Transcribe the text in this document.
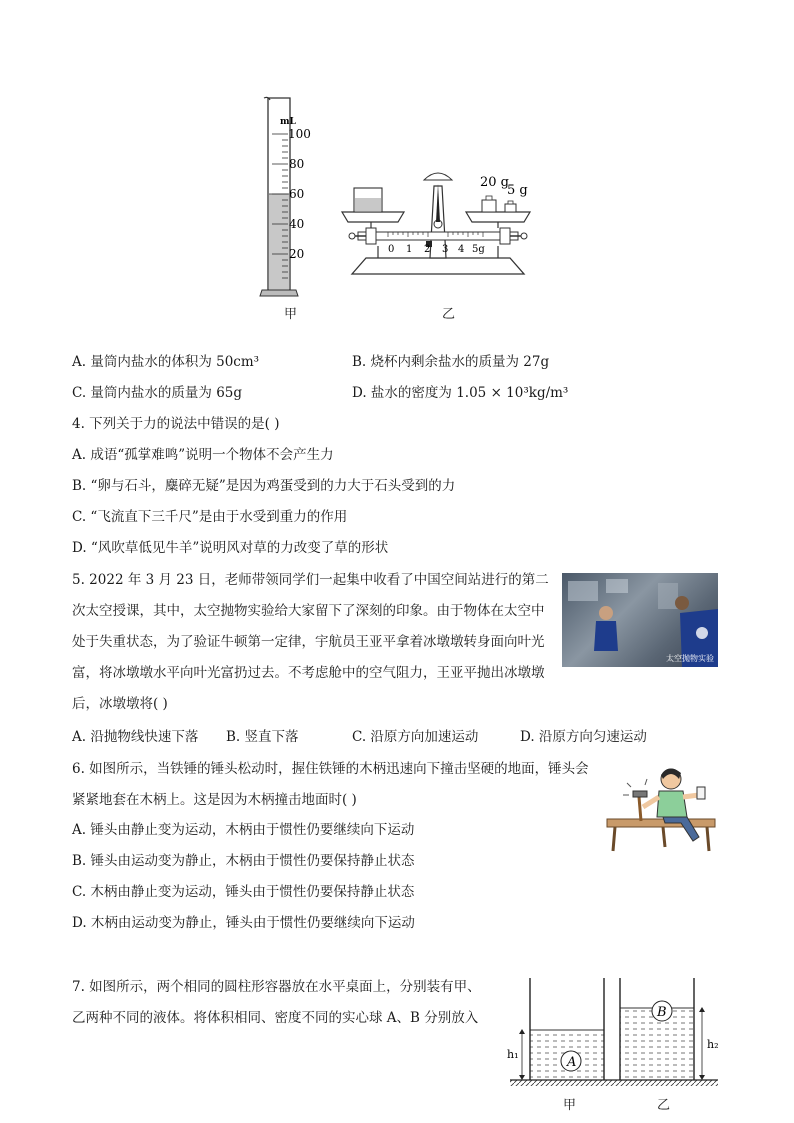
mL
100
80
60
40
20
甲
0 1 2 3 4 5g
20 g
5 g
乙
A. 量筒内盐水的体积为 50cm³	B. 烧杯内剩余盐水的质量为 27g
C. 量筒内盐水的质量为 65g	D. 盐水的密度为 1.05 × 10³kg/m³
4. 下列关于力的说法中错误的是( )
A. 成语“孤掌难鸣”说明一个物体不会产生力
B. “卵与石斗，麋碎无疑”是因为鸡蛋受到的力大于石头受到的力
C. “飞流直下三千尺”是由于水受到重力的作用
D. “风吹草低见牛羊”说明风对草的力改变了草的形状
5. 2022 年 3 月 23 日，老师带领同学们一起集中收看了中国空间站进行的第二次太空授课，其中，太空抛物实验给大家留下了深刻的印象。由于物体在太空中处于失重状态，为了验证牛顿第一定律，宇航员王亚平拿着冰墩墩转身面向叶光富，将冰墩墩水平向叶光富扔过去。不考虑舱中的空气阻力，王亚平抛出冰墩墩后，冰墩墩将( )
太空抛物实验
A. 沿抛物线快速下落 B. 竖直下落	C. 沿原方向加速运动	D. 沿原方向匀速运动
6. 如图所示，当铁锤的锤头松动时，握住铁锤的木柄迅速向下撞击坚硬的地面，锤头会紧紧地套在木柄上。这是因为木柄撞击地面时( )
A. 锤头由静止变为运动，木柄由于惯性仍要继续向下运动
B. 锤头由运动变为静止，木柄由于惯性仍要保持静止状态
C. 木柄由静止变为运动，锤头由于惯性仍要保持静止状态
D. 木柄由运动变为静止，锤头由于惯性仍要继续向下运动
7. 如图所示，两个相同的圆柱形容器放在水平桌面上，分别装有甲、乙两种不同的液体。将体积相同、密度不同的实心球 A、B 分别放入
A
h₁
B
h₂
甲	乙
